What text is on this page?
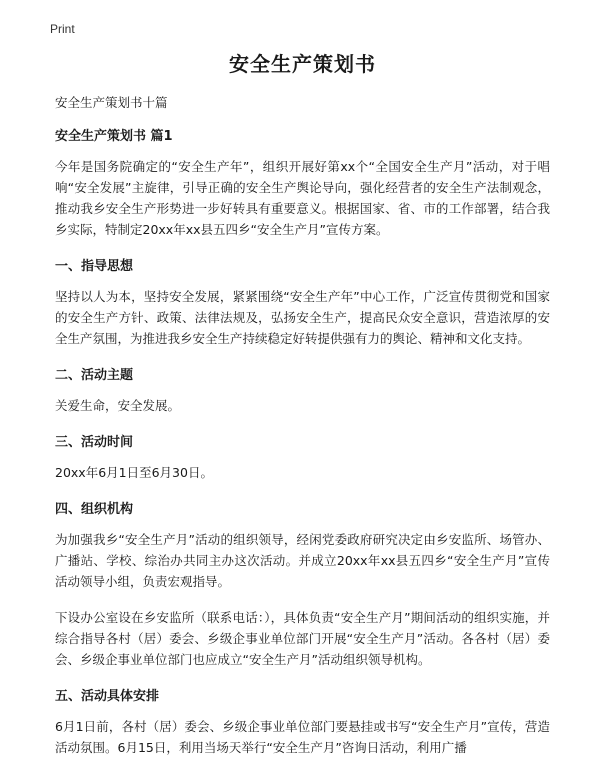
Print
安全生产策划书
安全生产策划书十篇
安全生产策划书 篇1
今年是国务院确定的“安全生产年”，组织开展好第xx个“全国安全生产月”活动，对于唱响“安全发展”主旋律，引导正确的安全生产舆论导向，强化经营者的安全生产法制观念，推动我乡安全生产形势进一步好转具有重要意义。根据国家、省、市的工作部署，结合我乡实际，特制定20xx年xx县五四乡“安全生产月”宣传方案。
一、指导思想
坚持以人为本，坚持安全发展，紧紧围绕“安全生产年”中心工作，广泛宣传贯彻党和国家的安全生产方针、政策、法律法规及，弘扬安全生产，提高民众安全意识，营造浓厚的安全生产氛围，为推进我乡安全生产持续稳定好转提供强有力的舆论、精神和文化支持。
二、活动主题
关爱生命，安全发展。
三、活动时间
20xx年6月1日至6月30日。
四、组织机构
为加强我乡“安全生产月”活动的组织领导，经闲党委政府研究决定由乡安监所、场管办、广播站、学校、综治办共同主办这次活动。并成立20xx年xx县五四乡“安全生产月”宣传活动领导小组，负责宏观指导。
下设办公室设在乡安监所（联系电话：），具体负责“安全生产月”期间活动的组织实施，并综合指导各村（居）委会、乡级企事业单位部门开展“安全生产月”活动。各各村（居）委会、乡级企事业单位部门也应成立“安全生产月”活动组织领导机构。
五、活动具体安排
6月1日前，各村（居）委会、乡级企事业单位部门要悬挂或书写“安全生产月”宣传，营造活动氛围。6月15日，利用当场天举行“安全生产月”咨询日活动，利用广播
